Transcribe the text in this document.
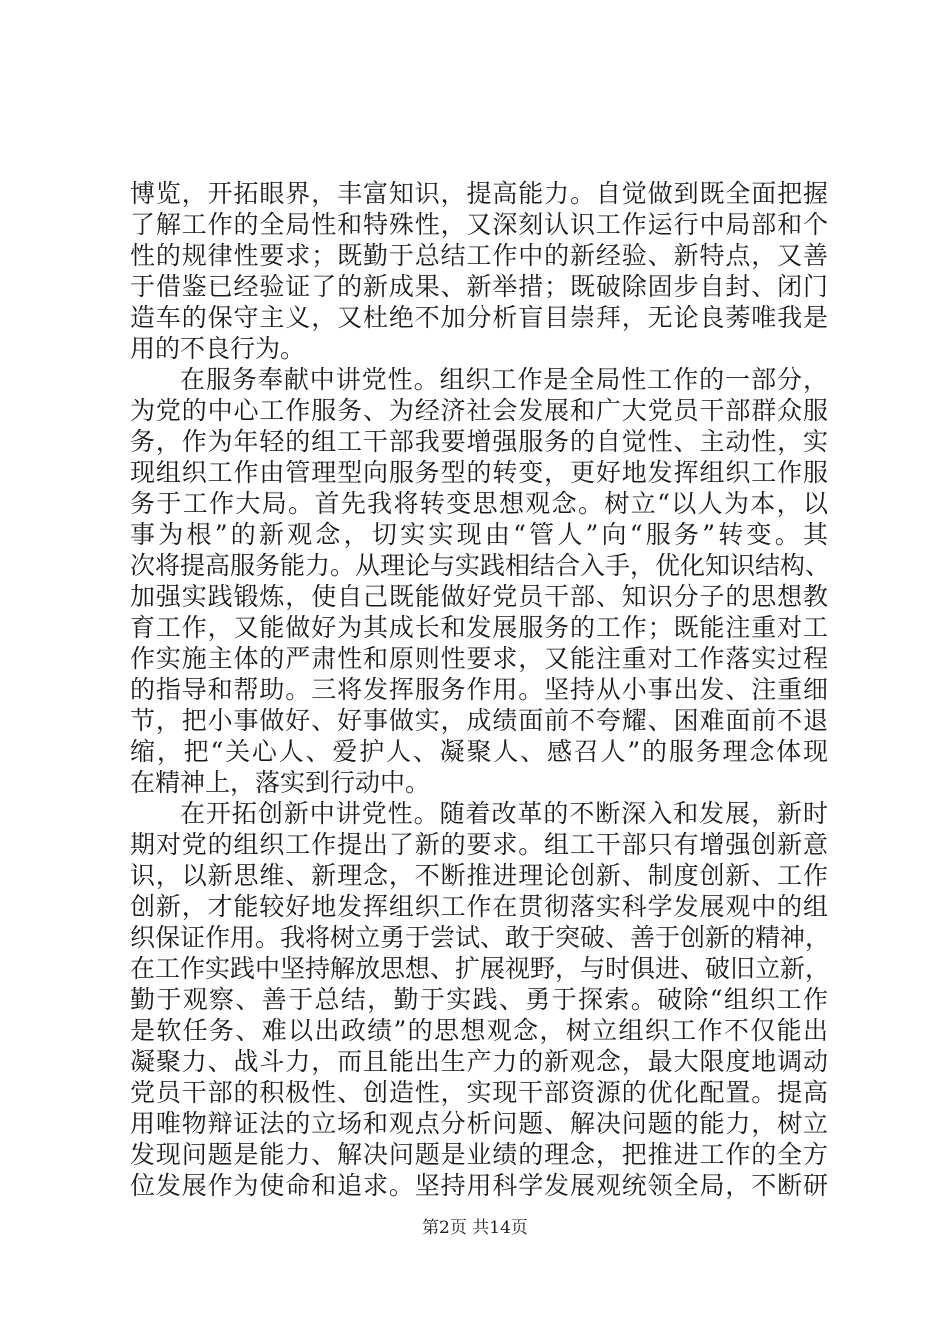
博览，开拓眼界，丰富知识，提高能力。自觉做到既全面把握
了解工作的全局性和特殊性，又深刻认识工作运行中局部和个
性的规律性要求；既勤于总结工作中的新经验、新特点，又善
于借鉴已经验证了的新成果、新举措；既破除固步自封、闭门
造车的保守主义，又杜绝不加分析盲目崇拜，无论良莠唯我是
用的不良行为。
在服务奉献中讲党性。组织工作是全局性工作的一部分，
为党的中心工作服务、为经济社会发展和广大党员干部群众服
务，作为年轻的组工干部我要增强服务的自觉性、主动性，实
现组织工作由管理型向服务型的转变，更好地发挥组织工作服
务于工作大局。首先我将转变思想观念。树立“以人为本，以
事为根”的新观念，切实实现由“管人”向“服务”转变。其
次将提高服务能力。从理论与实践相结合入手，优化知识结构、
加强实践锻炼，使自己既能做好党员干部、知识分子的思想教
育工作，又能做好为其成长和发展服务的工作；既能注重对工
作实施主体的严肃性和原则性要求，又能注重对工作落实过程
的指导和帮助。三将发挥服务作用。坚持从小事出发、注重细
节，把小事做好、好事做实，成绩面前不夸耀、困难面前不退
缩，把“关心人、爱护人、凝聚人、感召人”的服务理念体现
在精神上，落实到行动中。
在开拓创新中讲党性。随着改革的不断深入和发展，新时
期对党的组织工作提出了新的要求。组工干部只有增强创新意
识，以新思维、新理念，不断推进理论创新、制度创新、工作
创新，才能较好地发挥组织工作在贯彻落实科学发展观中的组
织保证作用。我将树立勇于尝试、敢于突破、善于创新的精神，
在工作实践中坚持解放思想、扩展视野，与时俱进、破旧立新，
勤于观察、善于总结，勤于实践、勇于探索。破除“组织工作
是软任务、难以出政绩”的思想观念，树立组织工作不仅能出
凝聚力、战斗力，而且能出生产力的新观念，最大限度地调动
党员干部的积极性、创造性，实现干部资源的优化配置。提高
用唯物辩证法的立场和观点分析问题、解决问题的能力，树立
发现问题是能力、解决问题是业绩的理念，把推进工作的全方
位发展作为使命和追求。坚持用科学发展观统领全局，不断研
第2页 共14页
